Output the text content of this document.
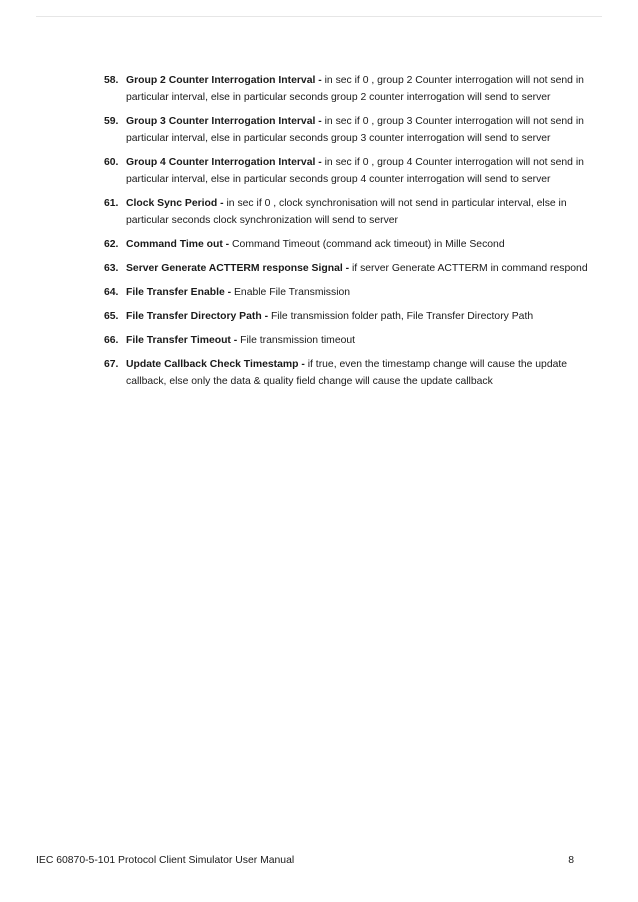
58. Group 2 Counter Interrogation Interval - in sec if 0 , group 2 Counter interrogation will not send in particular interval, else in particular seconds group 2 counter interrogation will send to server
59. Group 3 Counter Interrogation Interval - in sec if 0 , group 3 Counter interrogation will not send in particular interval, else in particular seconds group 3 counter interrogation will send to server
60. Group 4 Counter Interrogation Interval - in sec if 0 , group 4 Counter interrogation will not send in particular interval, else in particular seconds group 4 counter interrogation will send to server
61. Clock Sync Period - in sec if 0 , clock synchronisation will not send in particular interval, else in particular seconds clock synchronization will send to server
62. Command Time out - Command Timeout (command ack timeout) in Mille Second
63. Server Generate ACTTERM response Signal - if server Generate ACTTERM in command respond
64. File Transfer Enable - Enable File Transmission
65. File Transfer Directory Path - File transmission folder path, File Transfer Directory Path
66. File Transfer Timeout - File transmission timeout
67. Update Callback Check Timestamp - if true, even the timestamp change will cause the update callback, else only the data & quality field change will cause the update callback
IEC 60870-5-101 Protocol Client Simulator User Manual	8
